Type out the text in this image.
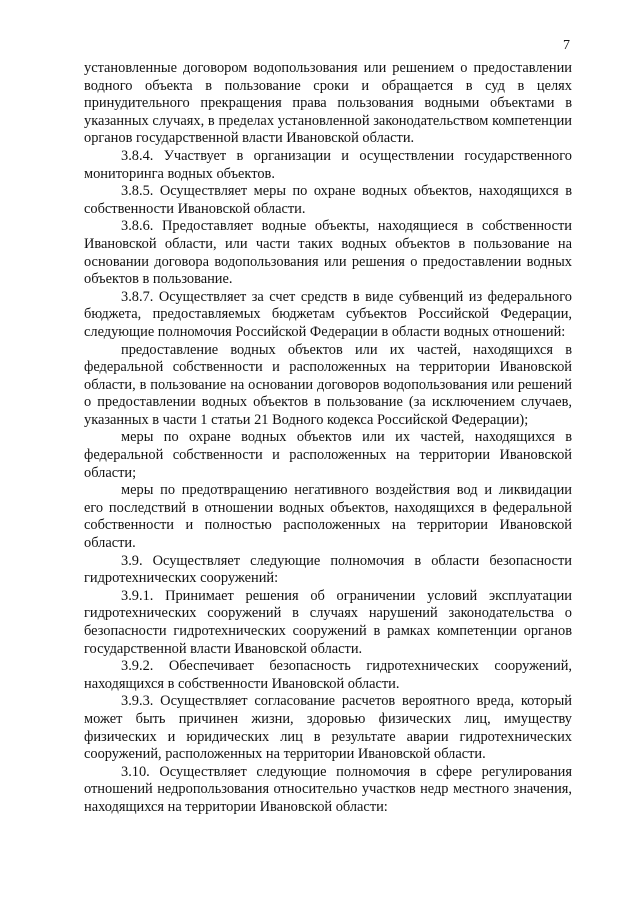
7

установленные договором водопользования или решением о предоставлении водного объекта в пользование сроки и обращается в суд в целях принудительного прекращения права пользования водными объектами в указанных случаях, в пределах установленной законодательством компетенции органов государственной власти Ивановской области.

3.8.4. Участвует в организации и осуществлении государственного мониторинга водных объектов.

3.8.5. Осуществляет меры по охране водных объектов, находящихся в собственности Ивановской области.

3.8.6. Предоставляет водные объекты, находящиеся в собственности Ивановской области, или части таких водных объектов в пользование на основании договора водопользования или решения о предоставлении водных объектов в пользование.

3.8.7. Осуществляет за счет средств в виде субвенций из федерального бюджета, предоставляемых бюджетам субъектов Российской Федерации, следующие полномочия Российской Федерации в области водных отношений:

предоставление водных объектов или их частей, находящихся в федеральной собственности и расположенных на территории Ивановской области, в пользование на основании договоров водопользования или решений о предоставлении водных объектов в пользование (за исключением случаев, указанных в части 1 статьи 21 Водного кодекса Российской Федерации);

меры по охране водных объектов или их частей, находящихся в федеральной собственности и расположенных на территории Ивановской области;

меры по предотвращению негативного воздействия вод и ликвидации его последствий в отношении водных объектов, находящихся в федеральной собственности и полностью расположенных на территории Ивановской области.

3.9. Осуществляет следующие полномочия в области безопасности гидротехнических сооружений:

3.9.1. Принимает решения об ограничении условий эксплуатации гидротехнических сооружений в случаях нарушений законодательства о безопасности гидротехнических сооружений в рамках компетенции органов государственной власти Ивановской области.

3.9.2. Обеспечивает безопасность гидротехнических сооружений, находящихся в собственности Ивановской области.

3.9.3. Осуществляет согласование расчетов вероятного вреда, который может быть причинен жизни, здоровью физических лиц, имуществу физических и юридических лиц в результате аварии гидротехнических сооружений, расположенных на территории Ивановской области.

3.10. Осуществляет следующие полномочия в сфере регулирования отношений недропользования относительно участков недр местного значения, находящихся на территории Ивановской области:
